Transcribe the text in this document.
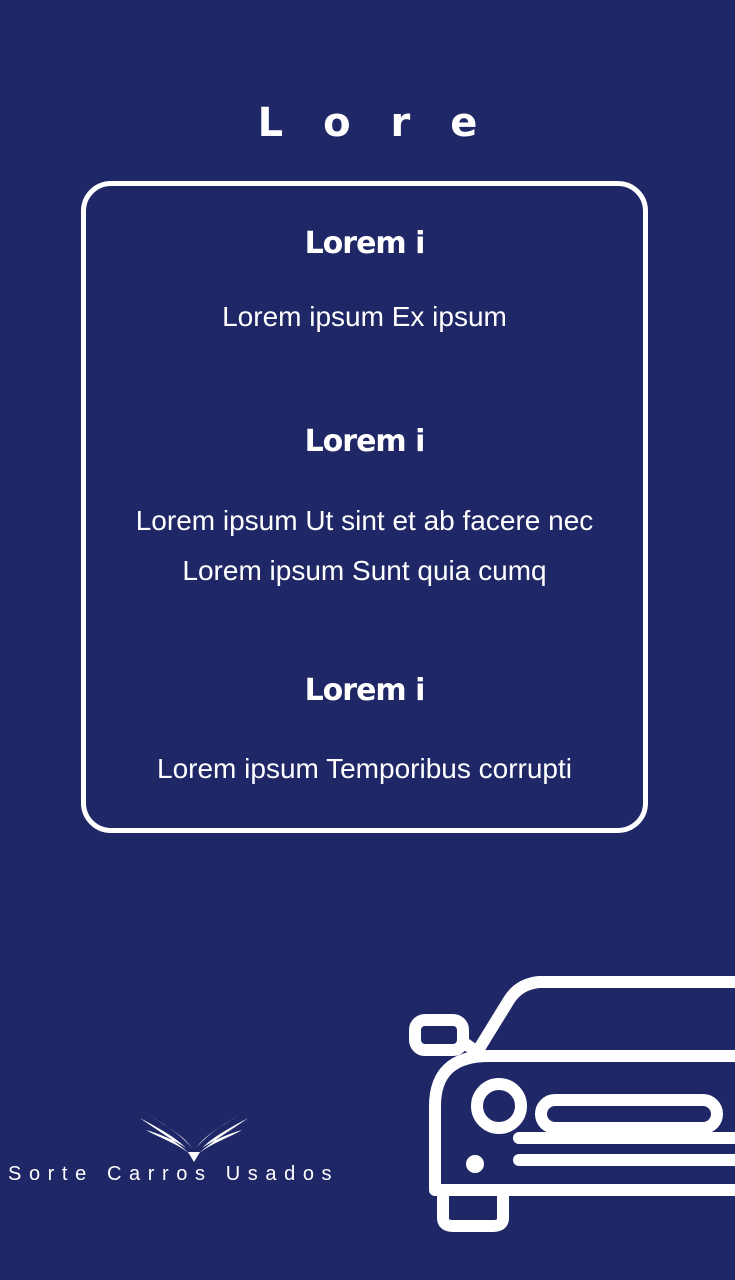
Lore
Lorem i
Lorem ipsum Ex ipsum
Lorem i
Lorem ipsum Ut sint et ab facere nec
Lorem ipsum Sunt quia cumq
Lorem i
Lorem ipsum Temporibus corrupti
Sorte Carros Usados
